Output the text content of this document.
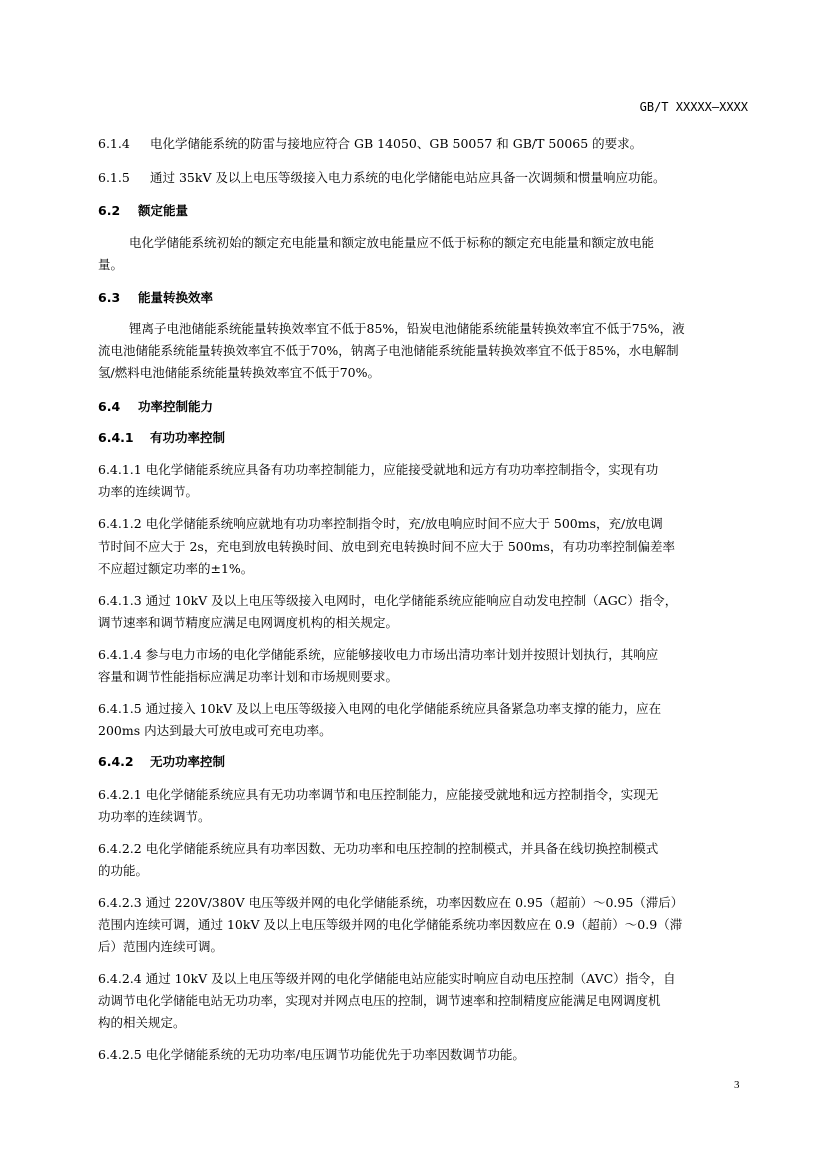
GB/T XXXXX—XXXX
6.1.4 电化学储能系统的防雷与接地应符合 GB 14050、GB 50057 和 GB/T 50065 的要求。
6.1.5 通过 35kV 及以上电压等级接入电力系统的电化学储能电站应具备一次调频和惯量响应功能。
6.2 额定能量
电化学储能系统初始的额定充电能量和额定放电能量应不低于标称的额定充电能量和额定放电能
量。
6.3 能量转换效率
锂离子电池储能系统能量转换效率宜不低于85%，铅炭电池储能系统能量转换效率宜不低于75%，液
流电池储能系统能量转换效率宜不低于70%，钠离子电池储能系统能量转换效率宜不低于85%，水电解制
氢/燃料电池储能系统能量转换效率宜不低于70%。
6.4 功率控制能力
6.4.1 有功功率控制
6.4.1.1 电化学储能系统应具备有功功率控制能力，应能接受就地和远方有功功率控制指令，实现有功
功率的连续调节。
6.4.1.2 电化学储能系统响应就地有功功率控制指令时，充/放电响应时间不应大于 500ms，充/放电调
节时间不应大于 2s，充电到放电转换时间、放电到充电转换时间不应大于 500ms，有功功率控制偏差率
不应超过额定功率的±1%。
6.4.1.3 通过 10kV 及以上电压等级接入电网时，电化学储能系统应能响应自动发电控制（AGC）指令，
调节速率和调节精度应满足电网调度机构的相关规定。
6.4.1.4 参与电力市场的电化学储能系统，应能够接收电力市场出清功率计划并按照计划执行，其响应
容量和调节性能指标应满足功率计划和市场规则要求。
6.4.1.5 通过接入 10kV 及以上电压等级接入电网的电化学储能系统应具备紧急功率支撑的能力，应在
200ms 内达到最大可放电或可充电功率。
6.4.2 无功功率控制
6.4.2.1 电化学储能系统应具有无功功率调节和电压控制能力，应能接受就地和远方控制指令，实现无
功功率的连续调节。
6.4.2.2 电化学储能系统应具有功率因数、无功功率和电压控制的控制模式，并具备在线切换控制模式
的功能。
6.4.2.3 通过 220V/380V 电压等级并网的电化学储能系统，功率因数应在 0.95（超前）～0.95（滞后）
范围内连续可调，通过 10kV 及以上电压等级并网的电化学储能系统功率因数应在 0.9（超前）～0.9（滞
后）范围内连续可调。
6.4.2.4 通过 10kV 及以上电压等级并网的电化学储能电站应能实时响应自动电压控制（AVC）指令，自
动调节电化学储能电站无功功率，实现对并网点电压的控制，调节速率和控制精度应能满足电网调度机
构的相关规定。
6.4.2.5 电化学储能系统的无功功率/电压调节功能优先于功率因数调节功能。
3
